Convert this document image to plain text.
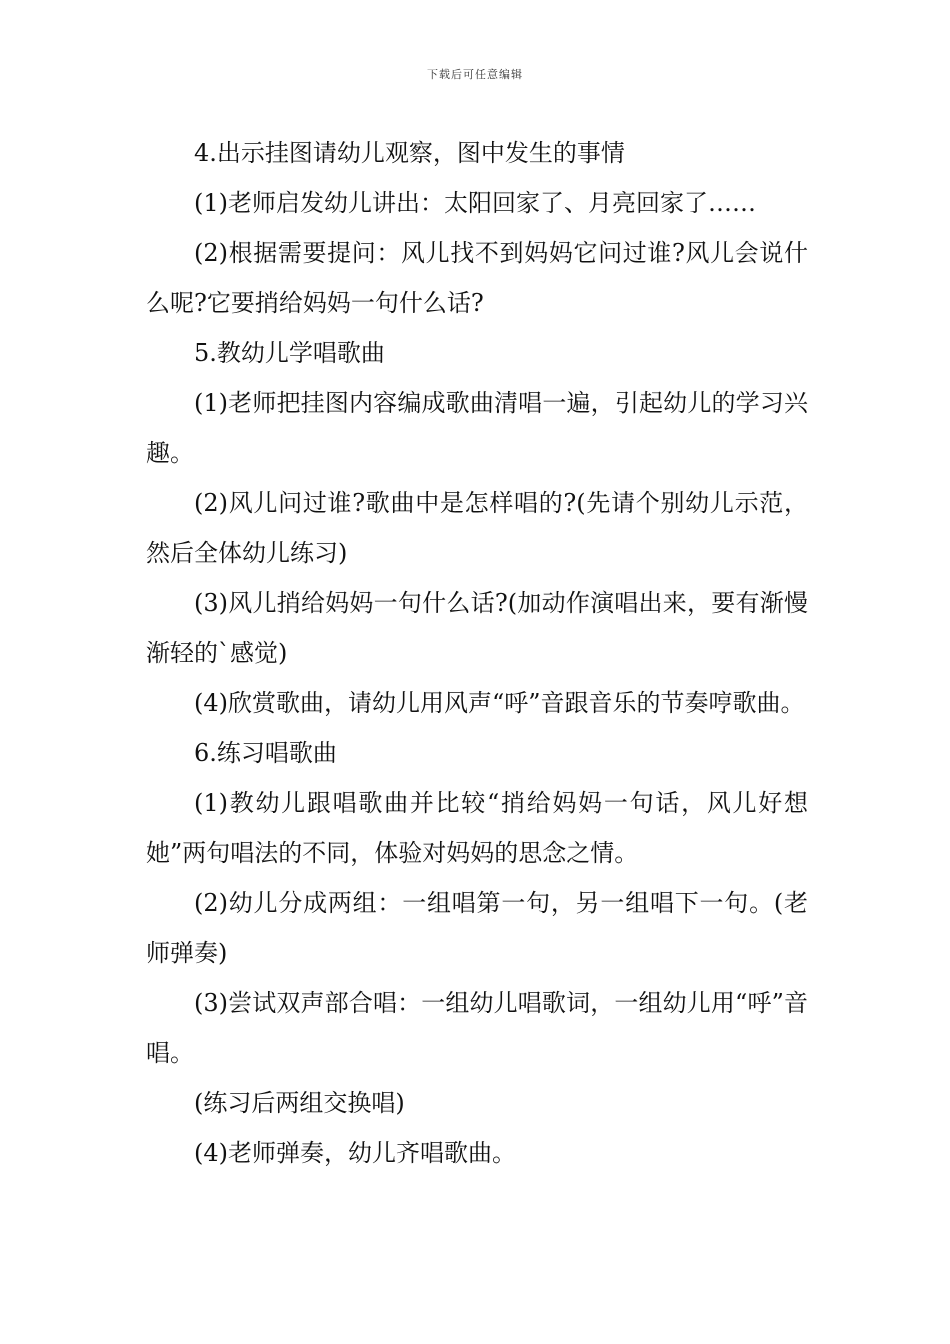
下载后可任意编辑

4.出示挂图请幼儿观察，图中发生的事情

(1)老师启发幼儿讲出：太阳回家了、月亮回家了……

(2)根据需要提问：风儿找不到妈妈它问过谁?风儿会说什么呢?它要捎给妈妈一句什么话?

5.教幼儿学唱歌曲

(1)老师把挂图内容编成歌曲清唱一遍，引起幼儿的学习兴趣。

(2)风儿问过谁?歌曲中是怎样唱的?(先请个别幼儿示范，然后全体幼儿练习)

(3)风儿捎给妈妈一句什么话?(加动作演唱出来，要有渐慢渐轻的`感觉)

(4)欣赏歌曲，请幼儿用风声“呼”音跟音乐的节奏哼歌曲。

6.练习唱歌曲

(1)教幼儿跟唱歌曲并比较“捎给妈妈一句话，风儿好想她”两句唱法的不同，体验对妈妈的思念之情。

(2)幼儿分成两组：一组唱第一句，另一组唱下一句。(老师弹奏)

(3)尝试双声部合唱：一组幼儿唱歌词，一组幼儿用“呼”音唱。

(练习后两组交换唱)

(4)老师弹奏，幼儿齐唱歌曲。
